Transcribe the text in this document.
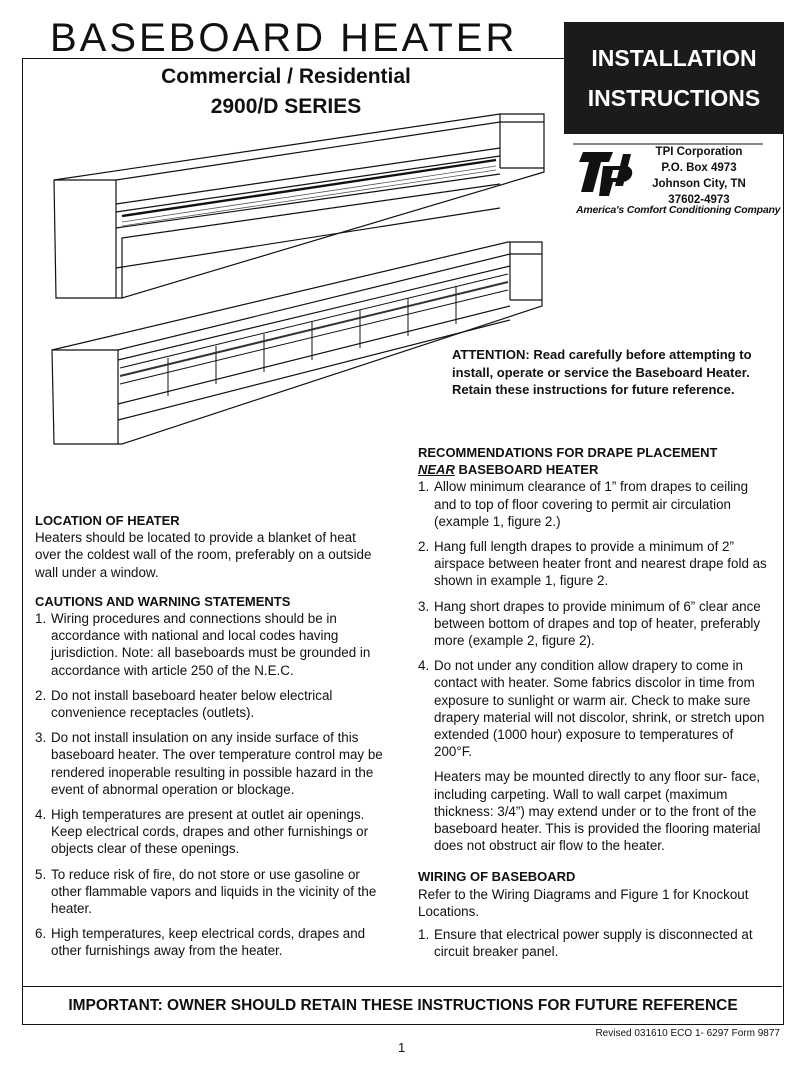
BASEBOARD HEATER	INSTALLATION
INSTRUCTIONS
Commercial / Residential
2900/D SERIES
TPI Corporation
P.O. Box 4973
Johnson City, TN
37602-4973
America's Comfort Conditioning Company
ATTENTION: Read carefully before attempting to install, operate or service the Baseboard Heater. Retain these instructions for future reference.
LOCATION OF HEATER

Heaters should be located to provide a blanket of heat over the coldest wall of the room, preferably on a outside wall under a window.

CAUTIONS AND WARNING STATEMENTS
1. Wiring procedures and connections should be in accordance with national and local codes having jurisdiction. Note: all baseboards must be grounded in accordance with article 250 of the N.E.C.
2. Do not install baseboard heater below electrical convenience receptacles (outlets).
3. Do not install insulation on any inside surface of this baseboard heater. The over temperature control may be rendered inoperable resulting in possible hazard in the event of abnormal operation or blockage.
4. High temperatures are present at outlet air openings. Keep electrical cords, drapes and other furnishings or objects clear of these openings.
5. To reduce risk of fire, do not store or use gasoline or other flammable vapors and liquids in the vicinity of the heater.
6. High temperatures, keep electrical cords, drapes and other furnishings away from the heater.
RECOMMENDATIONS FOR DRAPE PLACEMENT
NEAR BASEBOARD HEATER
1. Allow minimum clearance of 1” from drapes to ceiling and to top of floor covering to permit air circulation (example 1, figure 2.)
2. Hang full length drapes to provide a minimum of 2” airspace between heater front and nearest drape fold as shown in example 1, figure 2.
3. Hang short drapes to provide minimum of 6” clear ance between bottom of drapes and top of heater, preferably more (example 2, figure 2).
4. Do not under any condition allow drapery to come in contact with heater. Some fabrics discolor in time from exposure to sunlight or warm air. Check to make sure drapery material will not discolor, shrink, or stretch upon extended (1000 hour) exposure to temperatures of 200°F.

Heaters may be mounted directly to any floor sur- face, including carpeting. Wall to wall carpet (maximum thickness: 3/4”) may extend under or to the front of the baseboard heater. This is provided the flooring material does not obstruct air flow to the heater.

WIRING OF BASEBOARD

Refer to the Wiring Diagrams and Figure 1 for Knockout Locations.

1. Ensure that electrical power supply is disconnected at circuit breaker panel.
IMPORTANT: OWNER SHOULD RETAIN THESE INSTRUCTIONS FOR FUTURE REFERENCE
Revised 031610 ECO 1- 6297 Form 9877
1
